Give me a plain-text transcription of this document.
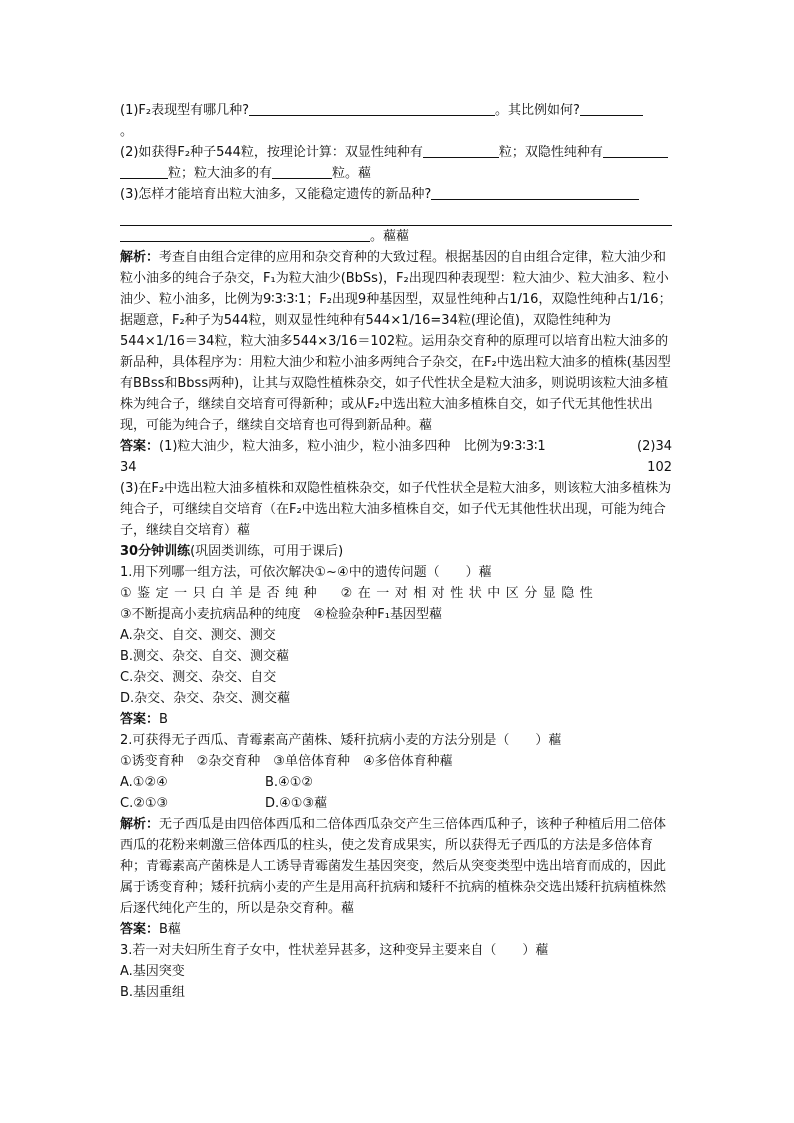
(1)F₂表现型有哪几种?	。其比例如何?
。
(2)如获得F₂种子544粒，按理论计算：双显性纯种有	粒；双隐性纯种有
粒；粒大油多的有	粒。藲
(3)怎样才能培育出粒大油多，又能稳定遗传的新品种?
。藲藲
解析：考查自由组合定律的应用和杂交育种的大致过程。根据基因的自由组合定律，粒大油少和粒小油多的纯合子杂交，F₁为粒大油少(BbSs)，F₂出现四种表现型：粒大油少、粒大油多、粒小油少、粒小油多，比例为9∶3∶3∶1；F₂出现9种基因型，双显性纯种占1/16，双隐性纯种占1/16；据题意，F₂种子为544粒，则双显性纯种有544×1/16=34粒(理论值)，双隐性纯种为544×1/16＝34粒，粒大油多544×3/16＝102粒。运用杂交育种的原理可以培育出粒大油多的新品种，具体程序为：用粒大油少和粒小油多两纯合子杂交，在F₂中选出粒大油多的植株(基因型有BBss和Bbss两种)，让其与双隐性植株杂交，如子代性状全是粒大油多，则说明该粒大油多植株为纯合子，继续自交培育可得新种；或从F₂中选出粒大油多植株自交，如子代无其他性状出现，可能为纯合子，继续自交培育也可得到新品种。藲
答案：(1)粒大油少，粒大油多，粒小油少，粒小油多四种　比例为9∶3∶3∶1	(2)34
34	102
(3)在F₂中选出粒大油多植株和双隐性植株杂交，如子代性状全是粒大油多，则该粒大油多植株为纯合子，可继续自交培育（在F₂中选出粒大油多植株自交，如子代无其他性状出现，可能为纯合子，继续自交培育）藲
30分钟训练(巩固类训练，可用于课后)
1.用下列哪一组方法，可依次解决①~④中的遗传问题（　　）藲
①鉴定一只白羊是否纯种　②在一对相对性状中区分显隐性
③不断提高小麦抗病品种的纯度　④检验杂种F₁基因型藲
A.杂交、自交、测交、测交
B.测交、杂交、自交、测交藲
C.杂交、测交、杂交、自交
D.杂交、杂交、杂交、测交藲
答案：B
2.可获得无子西瓜、青霉素高产菌株、矮秆抗病小麦的方法分别是（　　）藲
①诱变育种　②杂交育种　③单倍体育种　④多倍体育种藲
A.①②④	B.④①②
C.②①③	D.④①③藲
解析：无子西瓜是由四倍体西瓜和二倍体西瓜杂交产生三倍体西瓜种子，该种子种植后用二倍体西瓜的花粉来刺激三倍体西瓜的柱头，使之发育成果实，所以获得无子西瓜的方法是多倍体育种；青霉素高产菌株是人工诱导青霉菌发生基因突变，然后从突变类型中选出培育而成的，因此属于诱变育种；矮秆抗病小麦的产生是用高秆抗病和矮秆不抗病的植株杂交选出矮秆抗病植株然后逐代纯化产生的，所以是杂交育种。藲
答案：B藲
3.若一对夫妇所生育子女中，性状差异甚多，这种变异主要来自（　　）藲
A.基因突变
B.基因重组
